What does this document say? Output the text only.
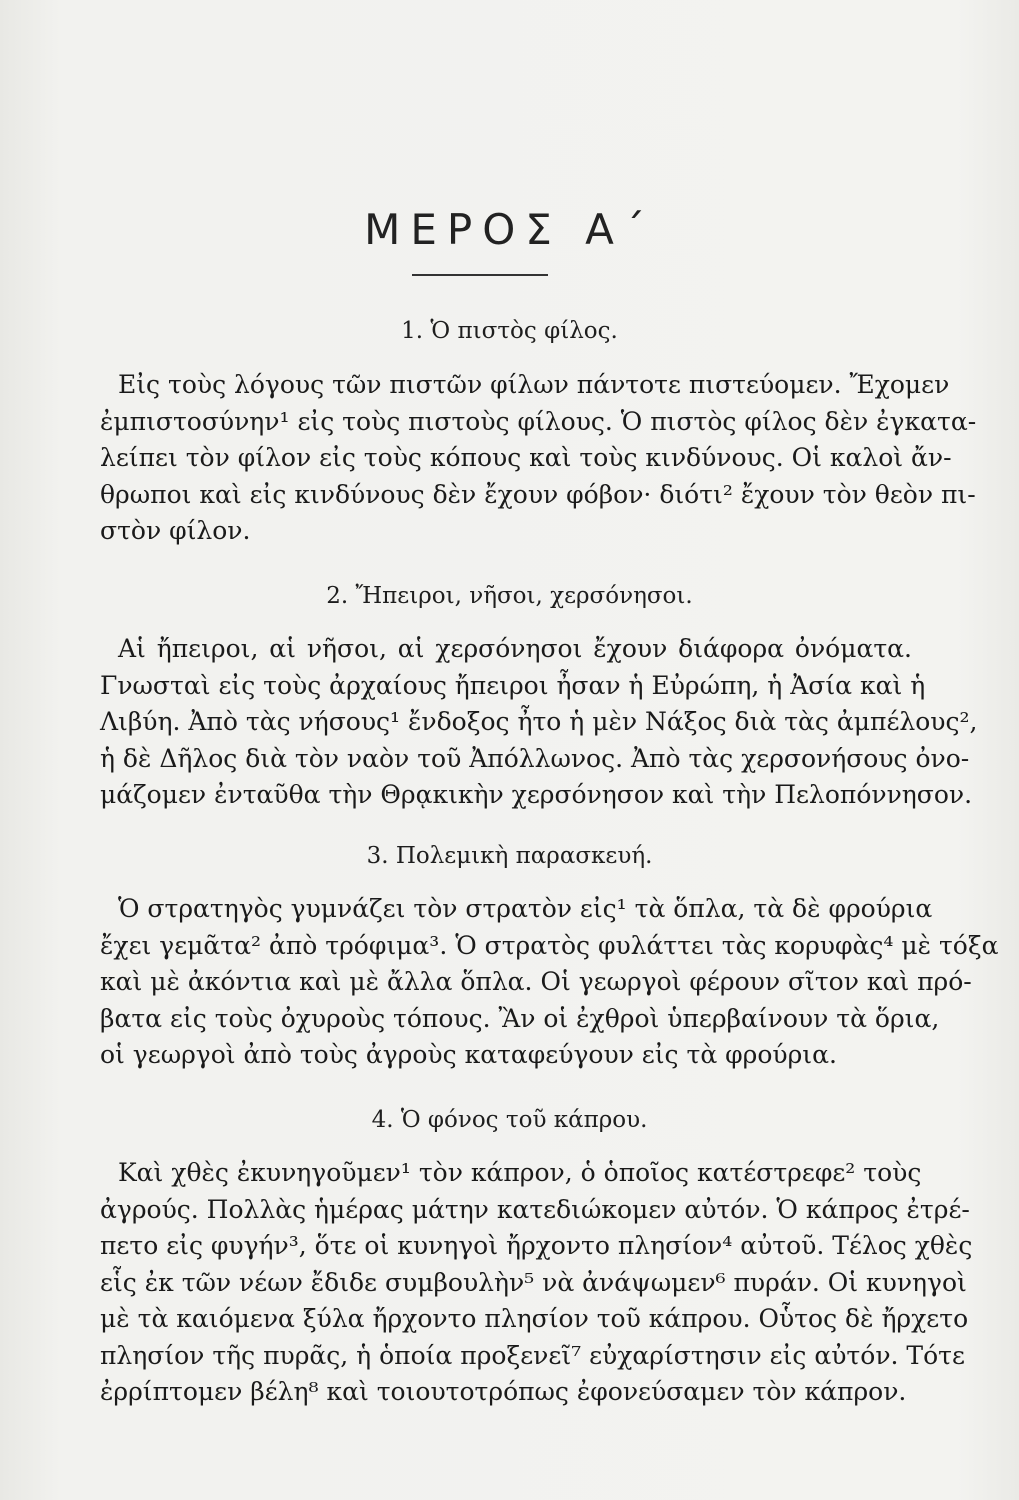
ΜΕΡΟΣ Α΄
1. Ὁ πιστὸς φίλος.
Εἰς τοὺς λόγους τῶν πιστῶν φίλων πάντοτε πιστεύομεν. Ἔχομεν
ἐμπιστοσύνην¹ εἰς τοὺς πιστοὺς φίλους. Ὁ πιστὸς φίλος δὲν ἐγκατα-
λείπει τὸν φίλον εἰς τοὺς κόπους καὶ τοὺς κινδύνους. Οἱ καλοὶ ἄν-
θρωποι καὶ εἰς κινδύνους δὲν ἔχουν φόβον· διότι² ἔχουν τὸν θεὸν πι-
στὸν φίλον.
2. Ἤπειροι, νῆσοι, χερσόνησοι.
Αἱ ἤπειροι, αἱ νῆσοι, αἱ χερσόνησοι ἔχουν διάφορα ὀνόματα.
Γνωσταὶ εἰς τοὺς ἀρχαίους ἤπειροι ἦσαν ἡ Εὐρώπη, ἡ Ἀσία καὶ ἡ
Λιβύη. Ἀπὸ τὰς νήσους¹ ἔνδοξος ἦτο ἡ μὲν Νάξος διὰ τὰς ἀμπέλους²,
ἡ δὲ Δῆλος διὰ τὸν ναὸν τοῦ Ἀπόλλωνος. Ἀπὸ τὰς χερσονήσους ὀνο-
μάζομεν ἐνταῦθα τὴν Θρᾳκικὴν χερσόνησον καὶ τὴν Πελοπόννησον.
3. Πολεμικὴ παρασκευή.
Ὁ στρατηγὸς γυμνάζει τὸν στρατὸν εἰς¹ τὰ ὅπλα, τὰ δὲ φρούρια
ἔχει γεμᾶτα² ἀπὸ τρόφιμα³. Ὁ στρατὸς φυλάττει τὰς κορυφὰς⁴ μὲ τόξα
καὶ μὲ ἀκόντια καὶ μὲ ἄλλα ὅπλα. Οἱ γεωργοὶ φέρουν σῖτον καὶ πρό-
βατα εἰς τοὺς ὀχυροὺς τόπους. Ἂν οἱ ἐχθροὶ ὑπερβαίνουν τὰ ὅρια,
οἱ γεωργοὶ ἀπὸ τοὺς ἀγροὺς καταφεύγουν εἰς τὰ φρούρια.
4. Ὁ φόνος τοῦ κάπρου.
Καὶ χθὲς ἐκυνηγοῦμεν¹ τὸν κάπρον, ὁ ὁποῖος κατέστρεφε² τοὺς
ἀγρούς. Πολλὰς ἡμέρας μάτην κατεδιώκομεν αὐτόν. Ὁ κάπρος ἐτρέ-
πετο εἰς φυγήν³, ὅτε οἱ κυνηγοὶ ἤρχοντο πλησίον⁴ αὐτοῦ. Τέλος χθὲς
εἷς ἐκ τῶν νέων ἔδιδε συμβουλὴν⁵ νὰ ἀνάψωμεν⁶ πυράν. Οἱ κυνηγοὶ
μὲ τὰ καιόμενα ξύλα ἤρχοντο πλησίον τοῦ κάπρου. Οὗτος δὲ ἤρχετο
πλησίον τῆς πυρᾶς, ἡ ὁποία προξενεῖ⁷ εὐχαρίστησιν εἰς αὐτόν. Τότε
ἐρρίπτομεν βέλη⁸ καὶ τοιουτοτρόπως ἐφονεύσαμεν τὸν κάπρον.
